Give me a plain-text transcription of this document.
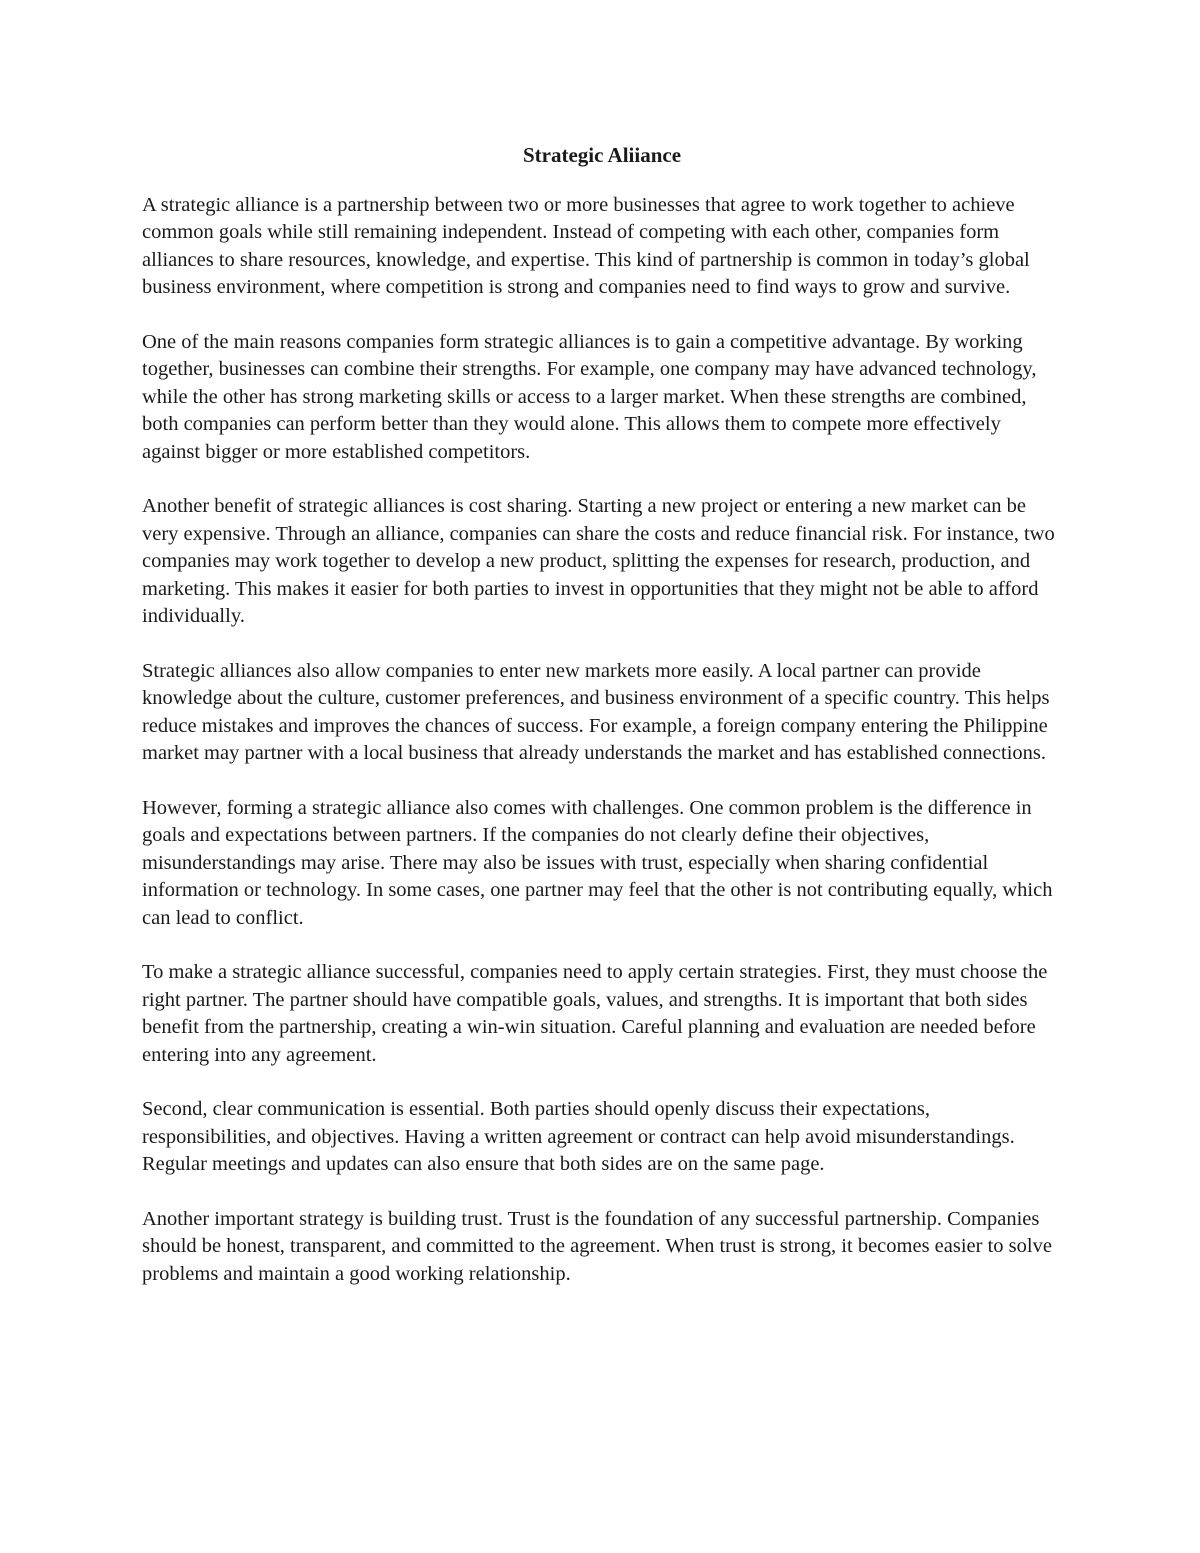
Strategic Aliiance

A strategic alliance is a partnership between two or more businesses that agree to work together to achieve common goals while still remaining independent. Instead of competing with each other, companies form alliances to share resources, knowledge, and expertise. This kind of partnership is common in today’s global business environment, where competition is strong and companies need to find ways to grow and survive.

One of the main reasons companies form strategic alliances is to gain a competitive advantage. By working together, businesses can combine their strengths. For example, one company may have advanced technology, while the other has strong marketing skills or access to a larger market. When these strengths are combined, both companies can perform better than they would alone. This allows them to compete more effectively against bigger or more established competitors.

Another benefit of strategic alliances is cost sharing. Starting a new project or entering a new market can be very expensive. Through an alliance, companies can share the costs and reduce financial risk. For instance, two companies may work together to develop a new product, splitting the expenses for research, production, and marketing. This makes it easier for both parties to invest in opportunities that they might not be able to afford individually.

Strategic alliances also allow companies to enter new markets more easily. A local partner can provide knowledge about the culture, customer preferences, and business environment of a specific country. This helps reduce mistakes and improves the chances of success. For example, a foreign company entering the Philippine market may partner with a local business that already understands the market and has established connections.

However, forming a strategic alliance also comes with challenges. One common problem is the difference in goals and expectations between partners. If the companies do not clearly define their objectives, misunderstandings may arise. There may also be issues with trust, especially when sharing confidential information or technology. In some cases, one partner may feel that the other is not contributing equally, which can lead to conflict.

To make a strategic alliance successful, companies need to apply certain strategies. First, they must choose the right partner. The partner should have compatible goals, values, and strengths. It is important that both sides benefit from the partnership, creating a win-win situation. Careful planning and evaluation are needed before entering into any agreement.

Second, clear communication is essential. Both parties should openly discuss their expectations, responsibilities, and objectives. Having a written agreement or contract can help avoid misunderstandings. Regular meetings and updates can also ensure that both sides are on the same page.

Another important strategy is building trust. Trust is the foundation of any successful partnership. Companies should be honest, transparent, and committed to the agreement. When trust is strong, it becomes easier to solve problems and maintain a good working relationship.
